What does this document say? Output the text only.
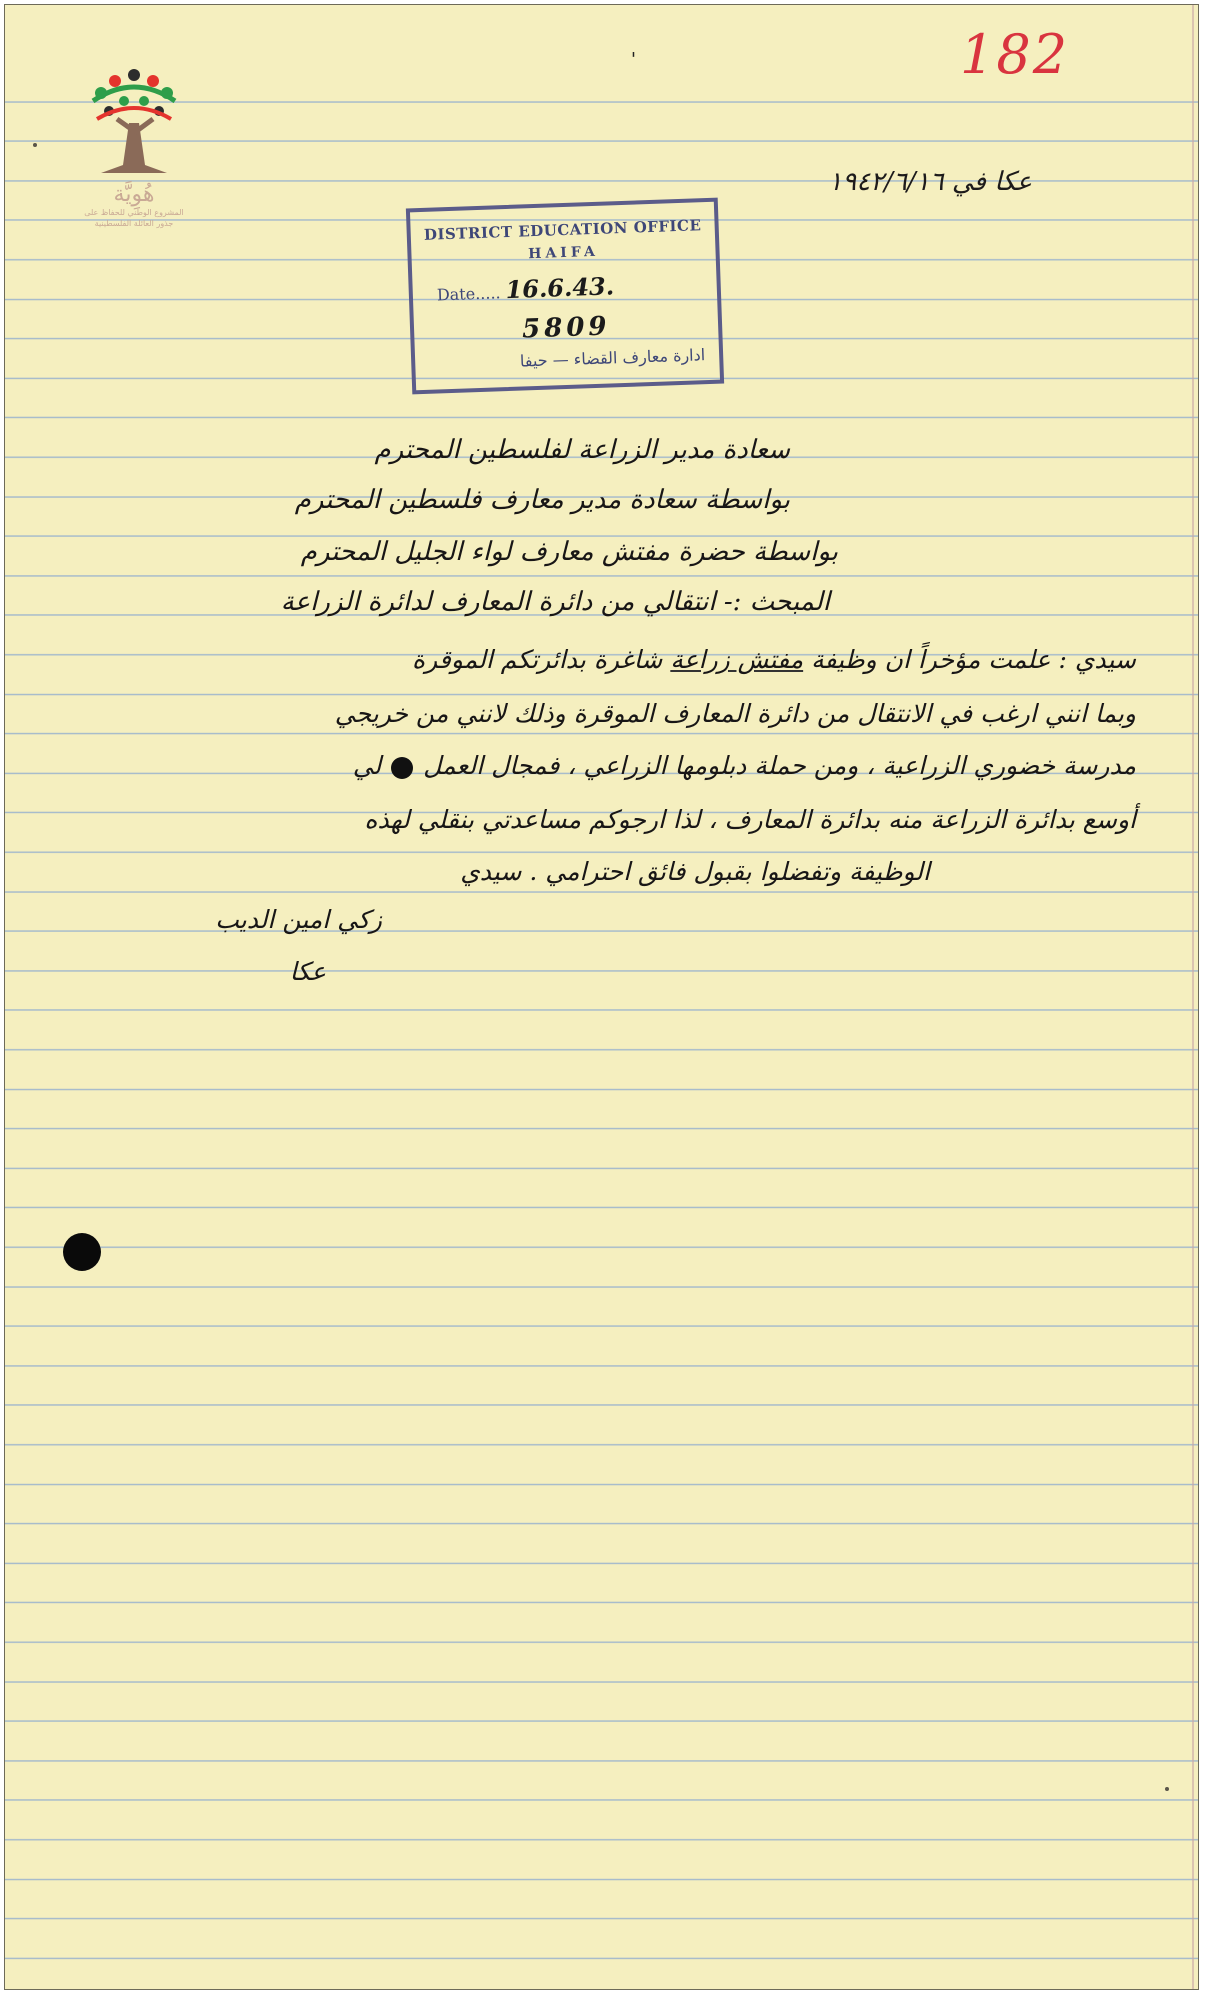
182
'
هُوِيَّة
المشروع الوطني للحفاظ على
جذور العائلة الفلسطينية
عكا في ١٩٤٢/٦/١٦
DISTRICT EDUCATION OFFICE
HAIFA
Date..... 16.6.43.
5809
ادارة معارف القضاء — حيفا
سعادة مدير الزراعة لفلسطين المحترم
بواسطة سعادة مدير معارف فلسطين المحترم
بواسطة حضرة مفتش معارف لواء الجليل المحترم
المبحث :- انتقالي من دائرة المعارف لدائرة الزراعة
سيدي : علمت مؤخراً ان وظيفة مفتش زراعة شاغرة بدائرتكم الموقرة
وبما انني ارغب في الانتقال من دائرة المعارف الموقرة وذلك لانني من خريجي
مدرسة خضوري الزراعية ، ومن حملة دبلومها الزراعي ، فمجال العمل  لي
أوسع بدائرة الزراعة منه بدائرة المعارف ، لذا ارجوكم مساعدتي بنقلي لهذه
الوظيفة وتفضلوا بقبول فائق احترامي . سيدي
زكي امين الديب
عكا
